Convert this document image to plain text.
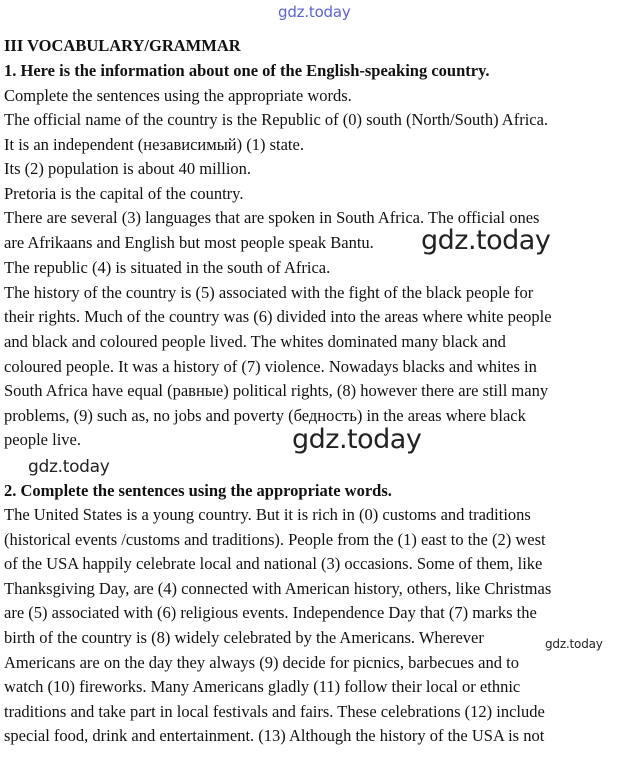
gdz.today
III VOCABULARY/GRAMMAR
1. Here is the information about one of the English-speaking country.
Complete the sentences using the appropriate words.
The official name of the country is the Republic of (0) south (North/South) Africa.
It is an independent (независимый) (1) state.
Its (2) population is about 40 million.
Pretoria is the capital of the country.
There are several (3) languages that are spoken in South Africa. The official ones
are Afrikaans and English but most people speak Bantu.
The republic (4) is situated in the south of Africa.
The history of the country is (5) associated with the fight of the black people for
their rights. Much of the country was (6) divided into the areas where white people
and black and coloured people lived. The whites dominated many black and
coloured people. It was a history of (7) violence. Nowadays blacks and whites in
South Africa have equal (равные) political rights, (8) however there are still many
problems, (9) such as, no jobs and poverty (бедность) in the areas where black
people live.
2. Complete the sentences using the appropriate words.
The United States is a young country. But it is rich in (0) customs and traditions
(historical events /customs and traditions). People from the (1) east to the (2) west
of the USA happily celebrate local and national (3) occasions. Some of them, like
Thanksgiving Day, are (4) connected with American history, others, like Christmas
are (5) associated with (6) religious events. Independence Day that (7) marks the
birth of the country is (8) widely celebrated by the Americans. Wherever
Americans are on the day they always (9) decide for picnics, barbecues and to
watch (10) fireworks. Many Americans gladly (11) follow their local or ethnic
traditions and take part in local festivals and fairs. These celebrations (12) include
special food, drink and entertainment. (13) Although the history of the USA is not
gdz.today
gdz.today
gdz.today
gdz.today
